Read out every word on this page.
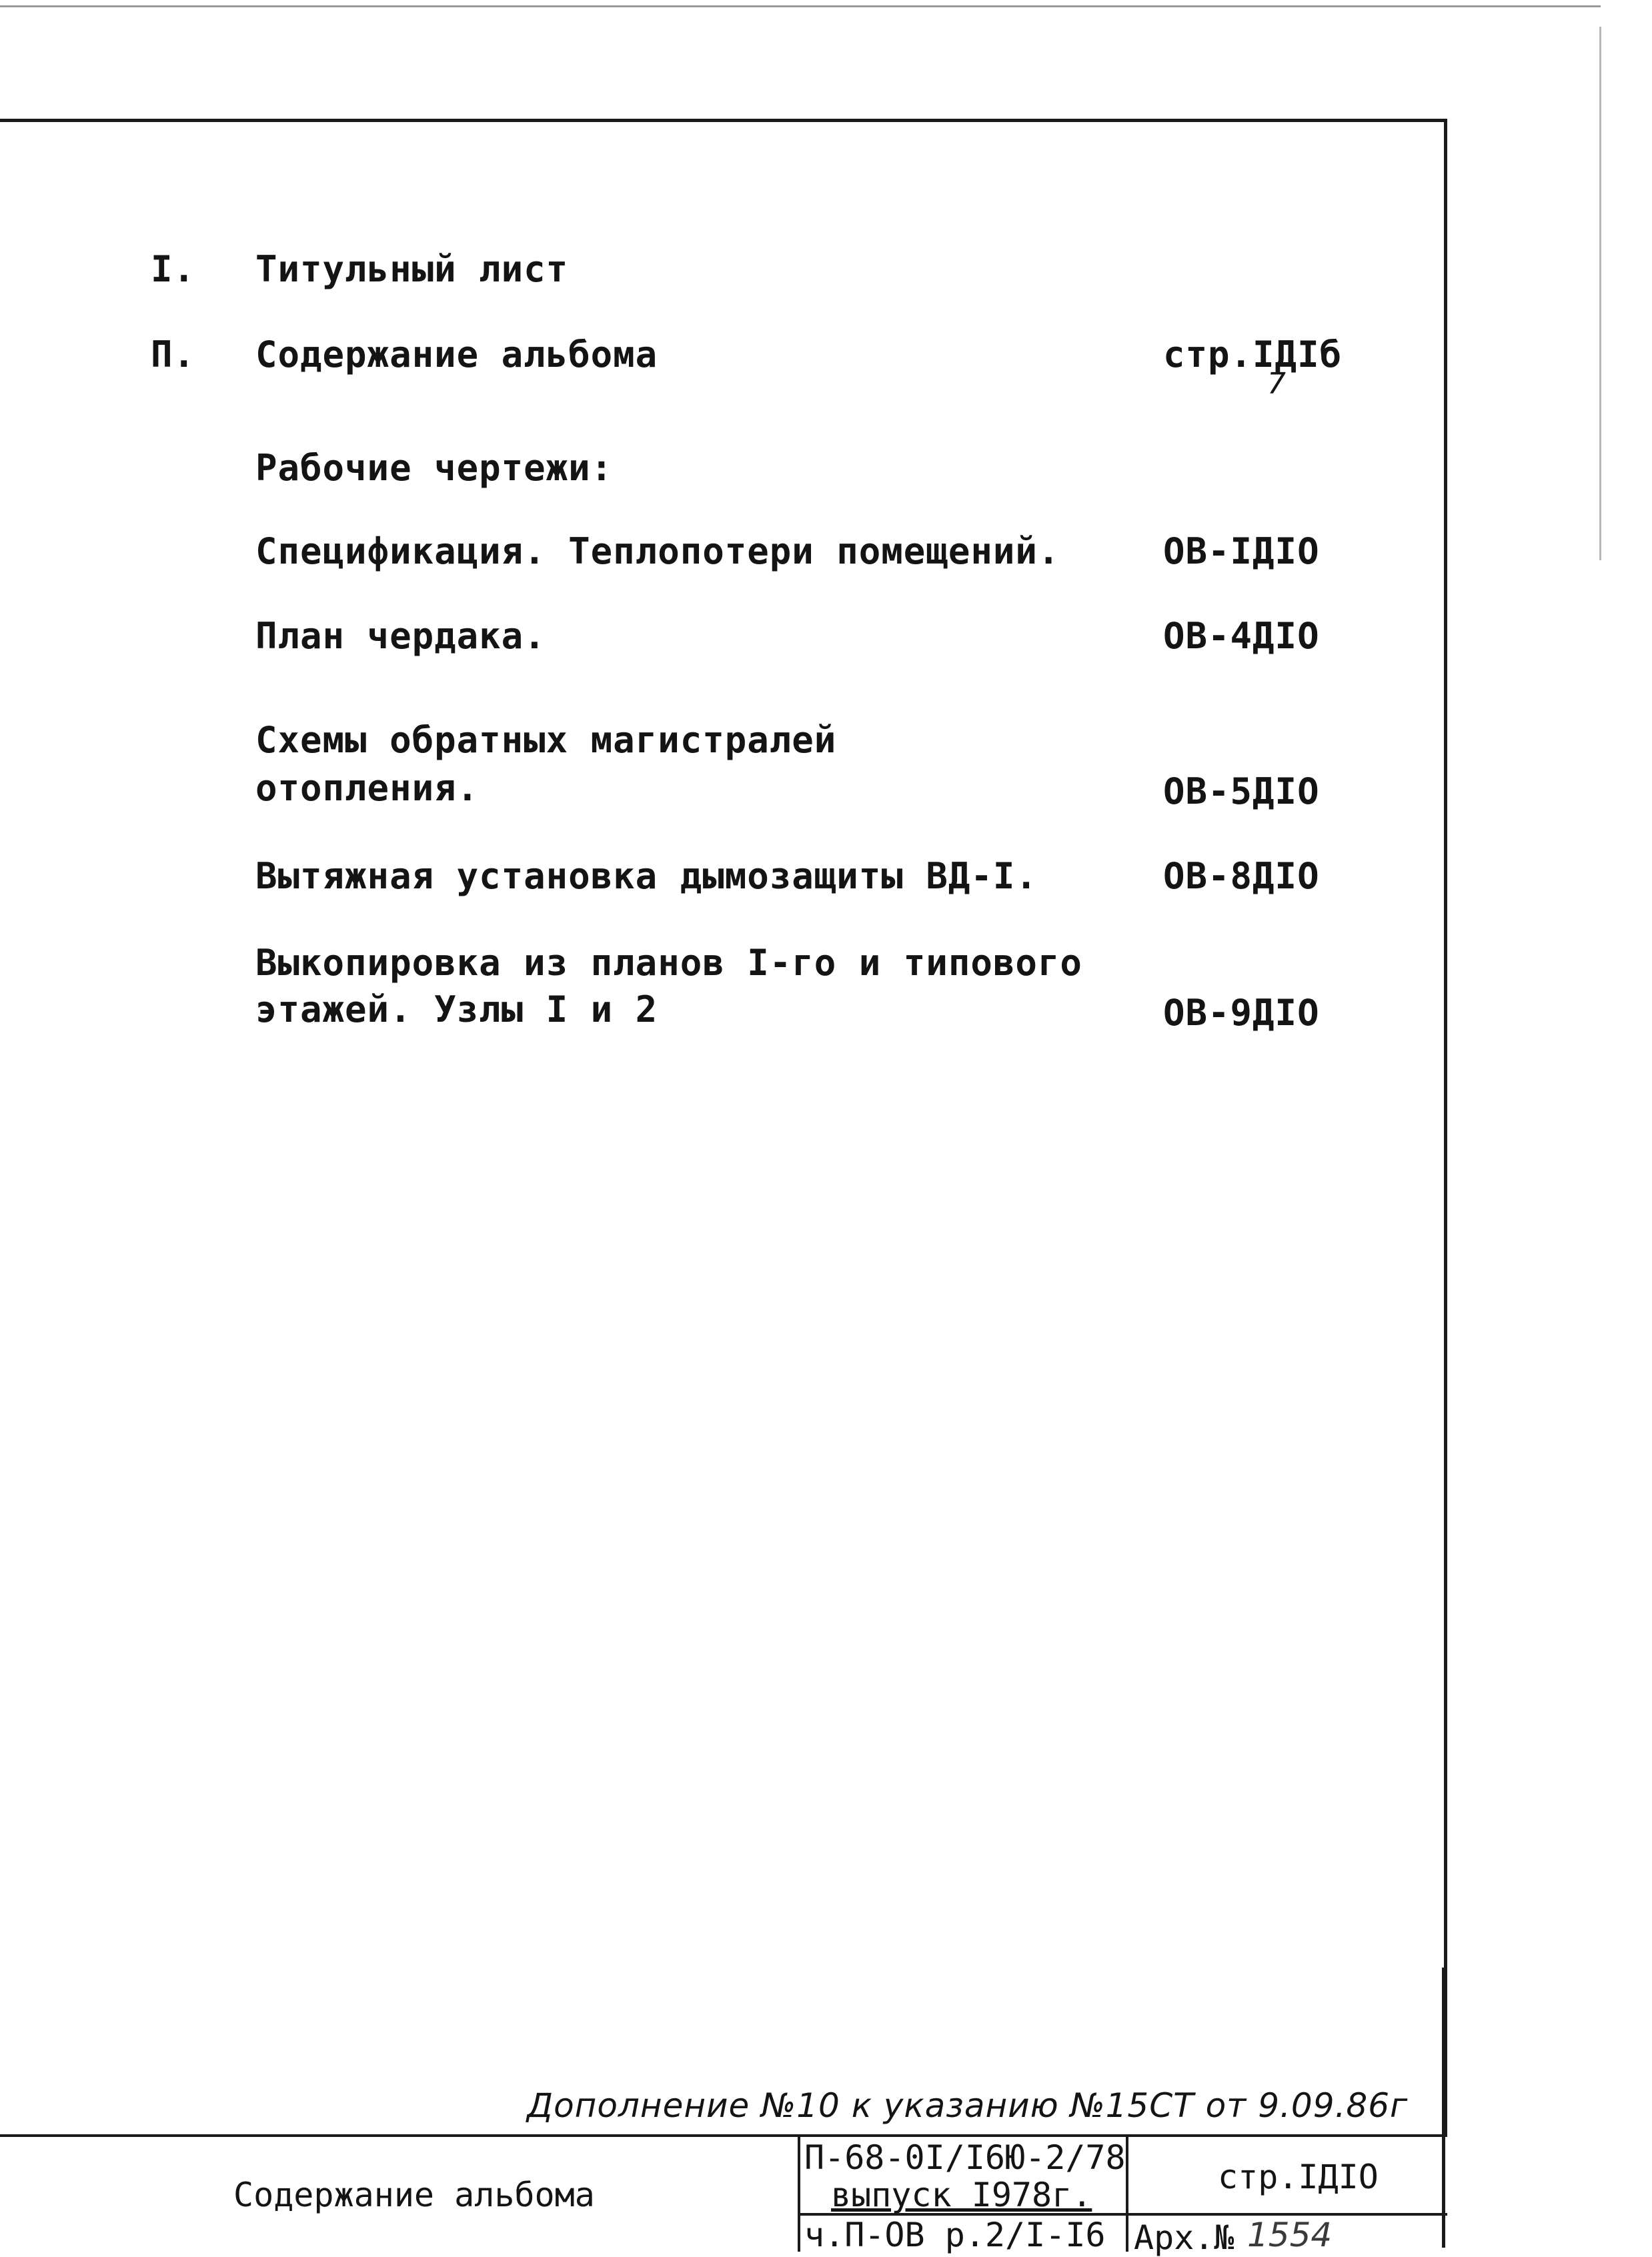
I. Титульный лист
П. Содержание альбома	стр.IДIб
7
Рабочие чертежи:
Спецификация. Теплопотери помещений.	ОВ-IДIО
План чердака.	ОВ-4ДIО
Схемы обратных магистралей
отопления.	ОВ-5ДIО
Вытяжная установка дымозащиты ВД-I.	ОВ-8ДIО
Выкопировка из планов I-го и типового
этажей. Узлы I и 2	ОВ-9ДIО
Дополнение №10 к указанию №15СТ от 9.09.86г
Содержание альбома
П-68-0I/I6Ю-2/78
выпуск I978г.
ч.П-ОВ р.2/I-I6
стр.IДIО
Арх.№ 1554
